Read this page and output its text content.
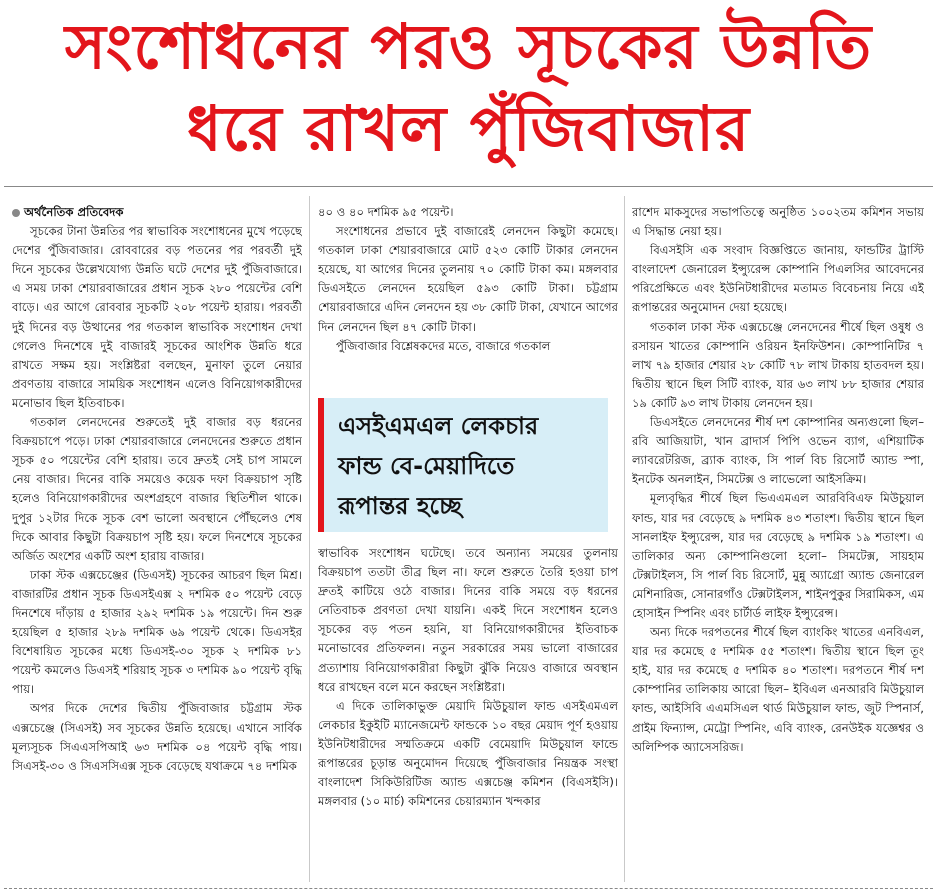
সংশোধনের পরও সূচকের উন্নতি
ধরে রাখল পুঁজিবাজার

অর্থনৈতিক প্রতিবেদক

সূচকের টানা উন্নতির পর স্বাভাবিক সংশোধনের মুখে পড়েছে দেশের পুঁজিবাজার। রোববারের বড় পতনের পর পরবর্তী দুই দিনে সূচকের উল্লেখযোগ্য উন্নতি ঘটে দেশের দুই পুঁজিবাজারে। এ সময় ঢাকা শেয়ারবাজারের প্রধান সূচক ২৮০ পয়েন্টের বেশি বাড়ে। এর আগে রোববার সূচকটি ২০৮ পয়েন্ট হারায়। পরবর্তী দুই দিনের বড় উত্থানের পর গতকাল স্বাভাবিক সংশোধন দেখা গেলেও দিনশেষে দুই বাজারই সূচকের আংশিক উন্নতি ধরে রাখতে সক্ষম হয়। সংশ্লিষ্টরা বলছেন, মুনাফা তুলে নেয়ার প্রবণতায় বাজারে সাময়িক সংশোধন এলেও বিনিয়োগকারীদের মনোভাব ছিল ইতিবাচক।

গতকাল লেনদেনের শুরুতেই দুই বাজার বড় ধরনের বিক্রয়চাপে পড়ে। ঢাকা শেয়ারবাজারে লেনদেনের শুরুতে প্রধান সূচক ৫০ পয়েন্টের বেশি হারায়। তবে দ্রুতই সেই চাপ সামলে নেয় বাজার। দিনের বাকি সময়েও কয়েক দফা বিক্রয়চাপ সৃষ্টি হলেও বিনিয়োগকারীদের অংশগ্রহণে বাজার স্থিতিশীল থাকে। দুপুর ১২টার দিকে সূচক বেশ ভালো অবস্থানে পৌঁছলেও শেষ দিকে আবার কিছুটা বিক্রয়চাপ সৃষ্টি হয়। ফলে দিনশেষে সূচকের অর্জিত অংশের একটি অংশ হারায় বাজার।

ঢাকা স্টক এক্সচেঞ্জের (ডিএসই) সূচকের আচরণ ছিল মিশ্র। বাজারটির প্রধান সূচক ডিএসইএক্স ২ দশমিক ৫০ পয়েন্ট বেড়ে দিনশেষে দাঁড়ায় ৫ হাজার ২৯২ দশমিক ১৯ পয়েন্টে। দিন শুরু হয়েছিল ৫ হাজার ২৮৯ দশমিক ৬৯ পয়েন্ট থেকে। ডিএসইর বিশেষায়িত সূচকের মধ্যে ডিএসই-৩০ সূচক ২ দশমিক ৮১ পয়েন্ট কমলেও ডিএসই শরিয়াহ সূচক ৩ দশমিক ৯০ পয়েন্ট বৃদ্ধি পায়।

অপর দিকে দেশের দ্বিতীয় পুঁজিবাজার চট্টগ্রাম স্টক এক্সচেঞ্জে (সিএসই) সব সূচকের উন্নতি হয়েছে। এখানে সার্বিক মূল্যসূচক সিএএসপিআই ৬৩ দশমিক ০৪ পয়েন্ট বৃদ্ধি পায়। সিএসই-৩০ ও সিএসসিএক্স সূচক বেড়েছে যথাক্রমে ৭৪ দশমিক

৪০ ও ৪০ দশমিক ৯৫ পয়েন্ট।

সংশোধনের প্রভাবে দুই বাজারেই লেনদেন কিছুটা কমেছে। গতকাল ঢাকা শেয়ারবাজারে মোট ৫২৩ কোটি টাকার লেনদেন হয়েছে, যা আগের দিনের তুলনায় ৭০ কোটি টাকা কম। মঙ্গলবার ডিএসইতে লেনদেন হয়েছিল ৫৯৩ কোটি টাকা। চট্টগ্রাম শেয়ারবাজারে এদিন লেনদেন হয় ৩৮ কোটি টাকা, যেখানে আগের দিন লেনদেন ছিল ৪৭ কোটি টাকা।

পুঁজিবাজার বিশ্লেষকদের মতে, বাজারে গতকাল

এসইএমএল লেকচার
ফান্ড বে-মেয়াদিতে
রূপান্তর হচ্ছে

স্বাভাবিক সংশোধন ঘটেছে। তবে অন্যান্য সময়ের তুলনায় বিক্রয়চাপ ততটা তীব্র ছিল না। ফলে শুরুতে তৈরি হওয়া চাপ দ্রুতই কাটিয়ে ওঠে বাজার। দিনের বাকি সময়ে বড় ধরনের নেতিবাচক প্রবণতা দেখা যায়নি। একই দিনে সংশোধন হলেও সূচকের বড় পতন হয়নি, যা বিনিয়োগকারীদের ইতিবাচক মনোভাবের প্রতিফলন। নতুন সরকারের সময় ভালো বাজারের প্রত্যাশায় বিনিয়োগকারীরা কিছুটা ঝুঁকি নিয়েও বাজারে অবস্থান ধরে রাখছেন বলে মনে করছেন সংশ্লিষ্টরা।

এ দিকে তালিকাভুক্ত মেয়াদি মিউচুয়াল ফান্ড এসইএমএল লেকচার ইকুইটি ম্যানেজমেন্ট ফান্ডকে ১০ বছর মেয়াদ পূর্ণ হওয়ায় ইউনিটধারীদের সম্মতিক্রমে একটি বেমেয়াদি মিউচুয়াল ফান্ডে রূপান্তরের চূড়ান্ত অনুমোদন দিয়েছে পুঁজিবাজার নিয়ন্ত্রক সংস্থা বাংলাদেশ সিকিউরিটিজ অ্যান্ড এক্সচেঞ্জ কমিশন (বিএসইসি)। মঙ্গলবার (১০ মার্চ) কমিশনের চেয়ারম্যান খন্দকার

রাশেদ মাকসুদের সভাপতিত্বে অনুষ্ঠিত ১০০২তম কমিশন সভায় এ সিদ্ধান্ত নেয়া হয়।

বিএসইসি এক সংবাদ বিজ্ঞপ্তিতে জানায়, ফান্ডটির ট্রাস্টি বাংলাদেশ জেনারেল ইন্স্যুরেন্স কোম্পানি পিএলসির আবেদনের পরিপ্রেক্ষিতে এবং ইউনিটধারীদের মতামত বিবেচনায় নিয়ে এই রূপান্তরের অনুমোদন দেয়া হয়েছে।

গতকাল ঢাকা স্টক এক্সচেঞ্জে লেনদেনের শীর্ষে ছিল ওষুধ ও রসায়ন খাতের কোম্পানি ওরিয়ন ইনফিউশন। কোম্পানিটির ৭ লাখ ৭৯ হাজার শেয়ার ২৮ কোটি ৭৮ লাখ টাকায় হাতবদল হয়। দ্বিতীয় স্থানে ছিল সিটি ব্যাংক, যার ৬৩ লাখ ৮৮ হাজার শেয়ার ১৯ কোটি ৯৩ লাখ টাকায় লেনদেন হয়।

ডিএসইতে লেনদেনের শীর্ষ দশ কোম্পানির অন্যগুলো ছিল– রবি আজিয়াটা, খান ব্রাদার্স পিপি ওভেন ব্যাগ, এশিয়াটিক ল্যাবরেটরিজ, ব্র্যাক ব্যাংক, সি পার্ল বিচ রিসোর্ট অ্যান্ড স্পা, ইনটেক অনলাইন, সিমটেক্স ও লাভেলো আইসক্রিম।

মূল্যবৃদ্ধির শীর্ষে ছিল ভিএএমএল আরবিবিএফ মিউচুয়াল ফান্ড, যার দর বেড়েছে ৯ দশমিক ৪৩ শতাংশ। দ্বিতীয় স্থানে ছিল সানলাইফ ইন্স্যুরেন্স, যার দর বেড়েছে ৯ দশমিক ১৯ শতাংশ। এ তালিকার অন্য কোম্পানিগুলো হলো– সিমটেক্স, সায়হাম টেক্সটাইলস, সি পার্ল বিচ রিসোর্ট, মুন্নু অ্যাগ্রো অ্যান্ড জেনারেল মেশিনারিজ, সোনারগাঁও টেক্সটাইলস, শাইনপুকুর সিরামিকস, এম হোসাইন স্পিনিং এবং চার্টার্ড লাইফ ইন্স্যুরেন্স।

অন্য দিকে দরপতনের শীর্ষে ছিল ব্যাংকিং খাতের এনবিএল, যার দর কমেছে ৫ দশমিক ৫৫ শতাংশ। দ্বিতীয় স্থানে ছিল তূং হাই, যার দর কমেছে ৫ দশমিক ৪০ শতাংশ। দরপতনে শীর্ষ দশ কোম্পানির তালিকায় আরো ছিল– ইবিএল এনআরবি মিউচুয়াল ফান্ড, আইসিবি এএমসিএল থার্ড মিউচুয়াল ফান্ড, জুট স্পিনার্স, প্রাইম ফিন্যান্স, মেট্রো স্পিনিং, এবি ব্যাংক, রেনউইক যজ্ঞেশ্বর ও অলিম্পিক অ্যাসেসরিজ।
